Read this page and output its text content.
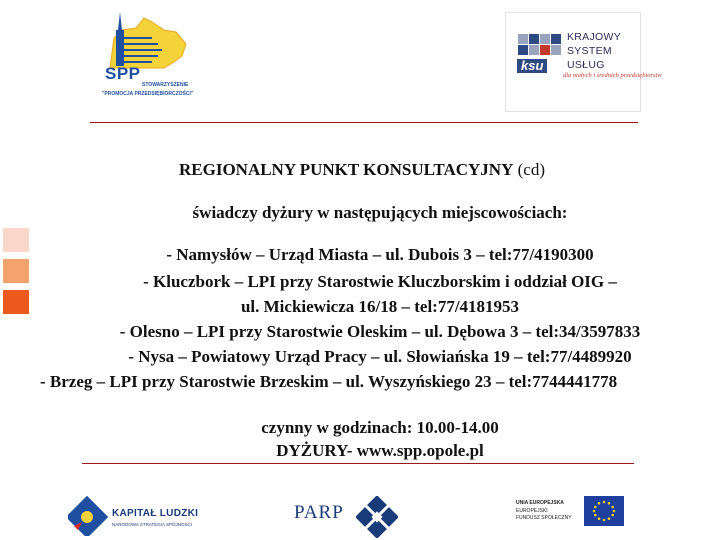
SPP
STOWARZYSZENIE
"PROMOCJA PRZEDSIĘBIORCZOŚCI"
ksu
KRAJOWY
SYSTEM
USŁUG
dla małych i średnich przedsiębiorstw
REGIONALNY PUNKT KONSULTACYJNY (cd)
świadczy dyżury w następujących miejscowościach:
- Namysłów – Urząd Miasta – ul. Dubois 3 – tel:77/4190300
- Kluczbork – LPI przy Starostwie Kluczborskim i oddział OIG –
ul. Mickiewicza 16/18 – tel:77/4181953
- Olesno – LPI przy Starostwie Oleskim – ul. Dębowa 3 – tel:34/3597833
- Nysa – Powiatowy Urząd Pracy – ul. Słowiańska 19 – tel:77/4489920
- Brzeg – LPI przy Starostwie Brzeskim – ul. Wyszyńskiego 23 – tel:7744441778
czynny w godzinach: 10.00-14.00
DYŻURY- www.spp.opole.pl
KAPITAŁ LUDZKI
NARODOWA STRATEGIA SPÓJNOŚCI
PARP	UNIA EUROPEJSKA
EUROPEJSKI
FUNDUSZ SPOŁECZNY
